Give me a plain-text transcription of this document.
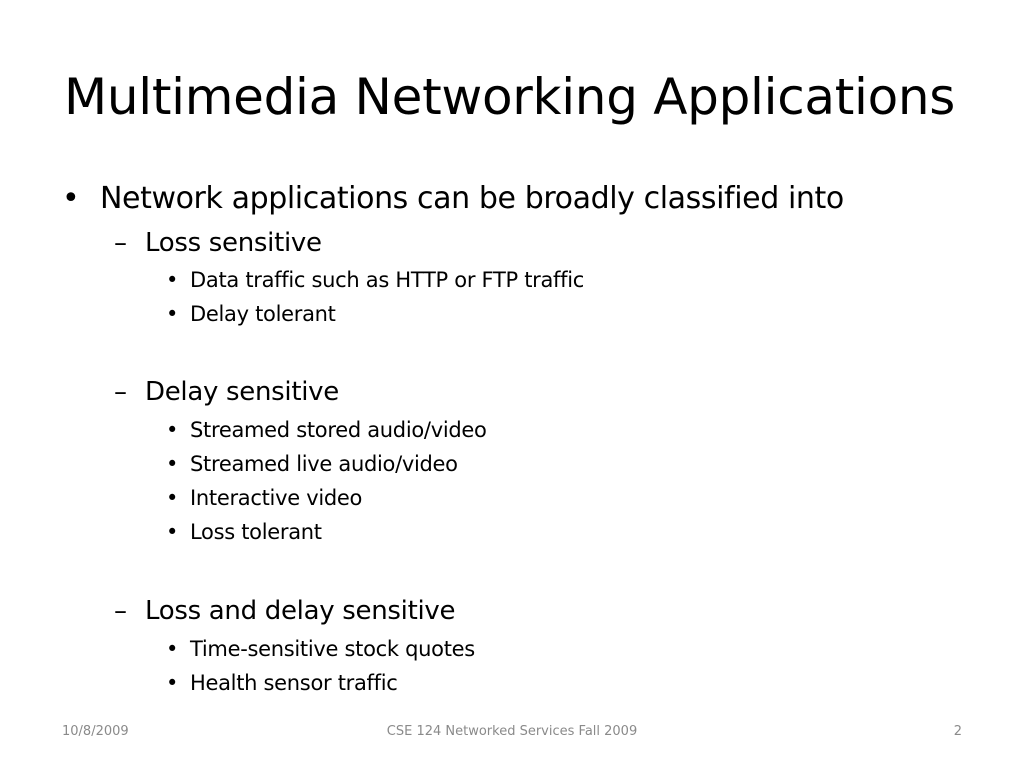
Multimedia Networking Applications
• Network applications can be broadly classified into
– Loss sensitive
• Data traffic such as HTTP or FTP traffic
• Delay tolerant
– Delay sensitive
• Streamed stored audio/video
• Streamed live audio/video
• Interactive video
• Loss tolerant
– Loss and delay sensitive
• Time-sensitive stock quotes
• Health sensor traffic
10/8/2009	CSE 124 Networked Services Fall 2009	2
